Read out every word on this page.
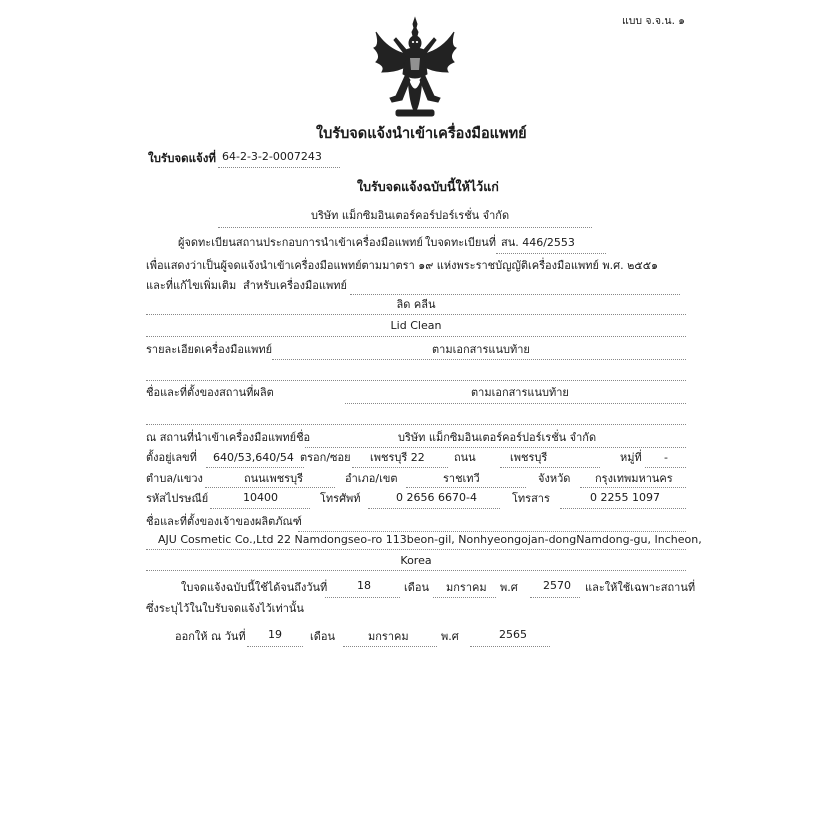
แบบ จ.จ.น. ๑
ใบรับจดแจ้งนำเข้าเครื่องมือแพทย์
ใบรับจดแจ้งที่ 64-2-3-2-0007243
ใบรับจดแจ้งฉบับนี้ให้ไว้แก่
บริษัท แม็กซิมอินเตอร์คอร์ปอร์เรชั่น จำกัด
ผู้จดทะเบียนสถานประกอบการนำเข้าเครื่องมือแพทย์ ใบจดทะเบียนที่ สน. 446/2553
เพื่อแสดงว่าเป็นผู้จดแจ้งนำเข้าเครื่องมือแพทย์ตามมาตรา ๑๙ แห่งพระราชบัญญัติเครื่องมือแพทย์ พ.ศ. ๒๕๕๑
และที่แก้ไขเพิ่มเติม สำหรับเครื่องมือแพทย์
ลิด คลีน
Lid Clean
รายละเอียดเครื่องมือแพทย์	ตามเอกสารแนบท้าย
ชื่อและที่ตั้งของสถานที่ผลิต	ตามเอกสารแนบท้าย
ณ สถานที่นำเข้าเครื่องมือแพทย์ชื่อ	บริษัท แม็กซิมอินเตอร์คอร์ปอร์เรชั่น จำกัด
ตั้งอยู่เลขที่ 640/53,640/54 ตรอก/ซอย เพชรบุรี 22	ถนน	เพชรบุรี	หมู่ที่ -
ตำบล/แขวง	ถนนเพชรบุรี	อำเภอ/เขต	ราชเทวี	จังหวัด กรุงเทพมหานคร
รหัสไปรษณีย์	10400	โทรศัพท์	0 2656 6670-4	โทรสาร	0 2255 1097
ชื่อและที่ตั้งของเจ้าของผลิตภัณฑ์
AJU Cosmetic Co.,Ltd 22 Namdongseo-ro 113beon-gil, Nonhyeongojan-dongNamdong-gu, Incheon,
Korea
ใบจดแจ้งฉบับนี้ใช้ได้จนถึงวันที่	18	เดือน มกราคม พ.ศ 2570 และให้ใช้เฉพาะสถานที่
ซึ่งระบุไว้ในใบรับจดแจ้งไว้เท่านั้น
ออกให้ ณ วันที่ 19	เดือน	มกราคม	พ.ศ	2565
